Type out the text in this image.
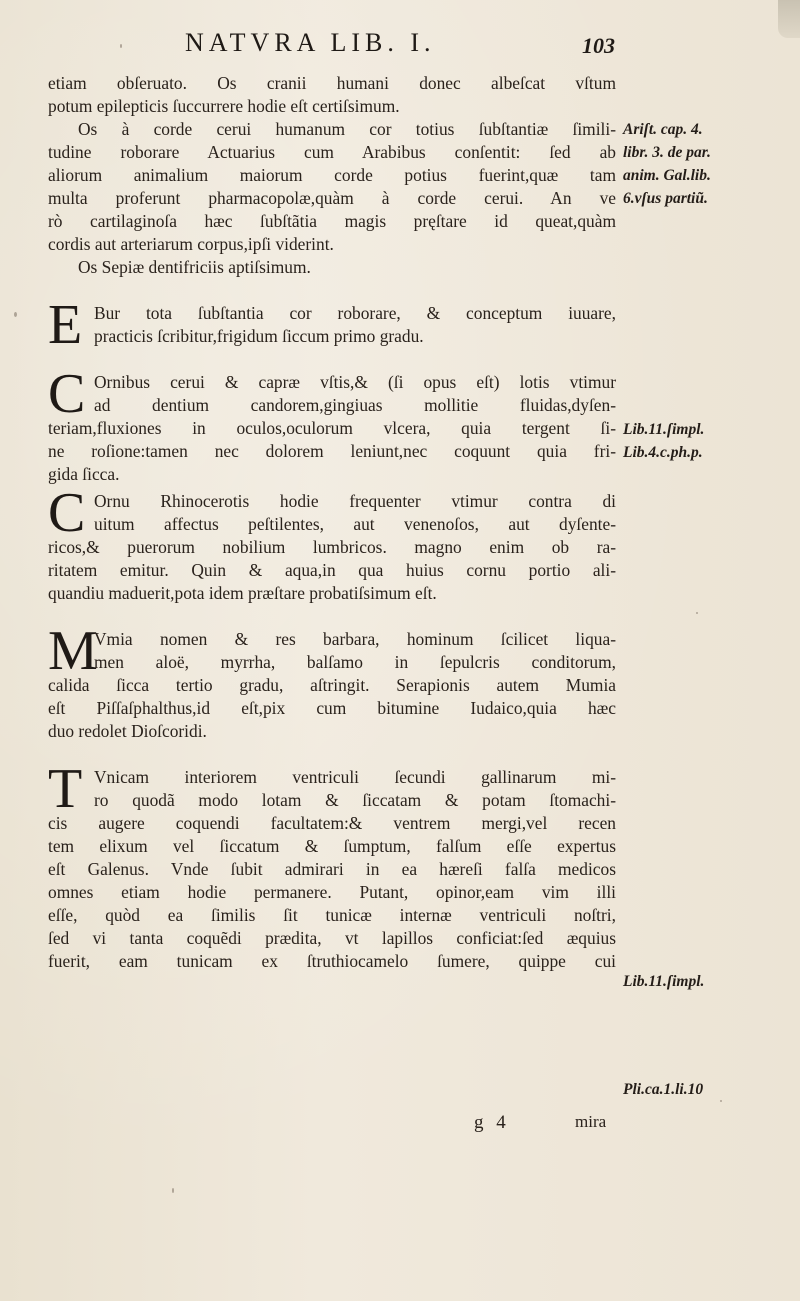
NATVRA LIB. I.	103
etiam obſeruato. Os cranii humani donec albeſcat vſtum
potum epilepticis ſuccurrere hodie eſt certiſsimum.
Os à corde cerui humanum cor totius ſubſtantiæ ſimili-
tudine roborare Actuarius cum Arabibus conſentit: ſed ab
aliorum animalium maiorum corde potius fuerint,quæ tam
multa proferunt pharmacopolæ,quàm à corde cerui. An ve
rò cartilaginoſa hæc ſubſtãtia magis pręſtare id queat,quàm
cordis aut arteriarum corpus,ipſi viderint.
Os Sepiæ dentifriciis aptiſsimum.
E Bur tota ſubſtantia cor roborare, & conceptum iuuare,
practicis ſcribitur,frigidum ſiccum primo gradu.
C Ornibus cerui & capræ vſtis,& (ſi opus eſt) lotis vtimur
ad dentium candorem,gingiuas mollitie fluidas,dyſen-
teriam,fluxiones in oculos,oculorum vlcera, quia tergent ſi-
ne roſione:tamen nec dolorem leniunt,nec coquunt quia fri-
gida ſicca.
C Ornu Rhinocerotis hodie frequenter vtimur contra di
uitum affectus peſtilentes, aut venenoſos, aut dyſente-
ricos,& puerorum nobilium lumbricos. magno enim ob ra-
ritatem emitur. Quin & aqua,in qua huius cornu portio ali-
quandiu maduerit,pota idem præſtare probatiſsimum eſt.
M
Vmia nomen & res barbara, hominum ſcilicet liqua-
men aloë, myrrha, balſamo in ſepulcris conditorum,
calida ſicca tertio gradu, aſtringit. Serapionis autem Mumia
eſt Piſſaſphalthus,id eſt,pix cum bitumine Iudaico,quia hæc
duo redolet Dioſcoridi.
T Vnicam interiorem ventriculi ſecundi gallinarum mi-
ro quodã modo lotam & ſiccatam & potam ſtomachi-
cis augere coquendi facultatem:& ventrem mergi,vel recen
tem elixum vel ſiccatum & ſumptum, falſum eſſe expertus
eſt Galenus. Vnde ſubit admirari in ea hæreſi falſa medicos
omnes etiam hodie permanere. Putant, opinor,eam vim illi
eſſe, quòd ea ſimilis ſit tunicæ internæ ventriculi noſtri,
ſed vi tanta coquẽdi prædita, vt lapillos conficiat:ſed æquius
fuerit, eam tunicam ex ſtruthiocamelo ſumere, quippe cui
Ariſt. cap. 4.
libr. 3. de par.
anim. Gal.lib.
6.vſus partiũ.
Lib.11.ſimpl.
Lib.4.c.ph.p.
Lib.11.ſimpl.
Pli.ca.1.li.10
g 4	mira
